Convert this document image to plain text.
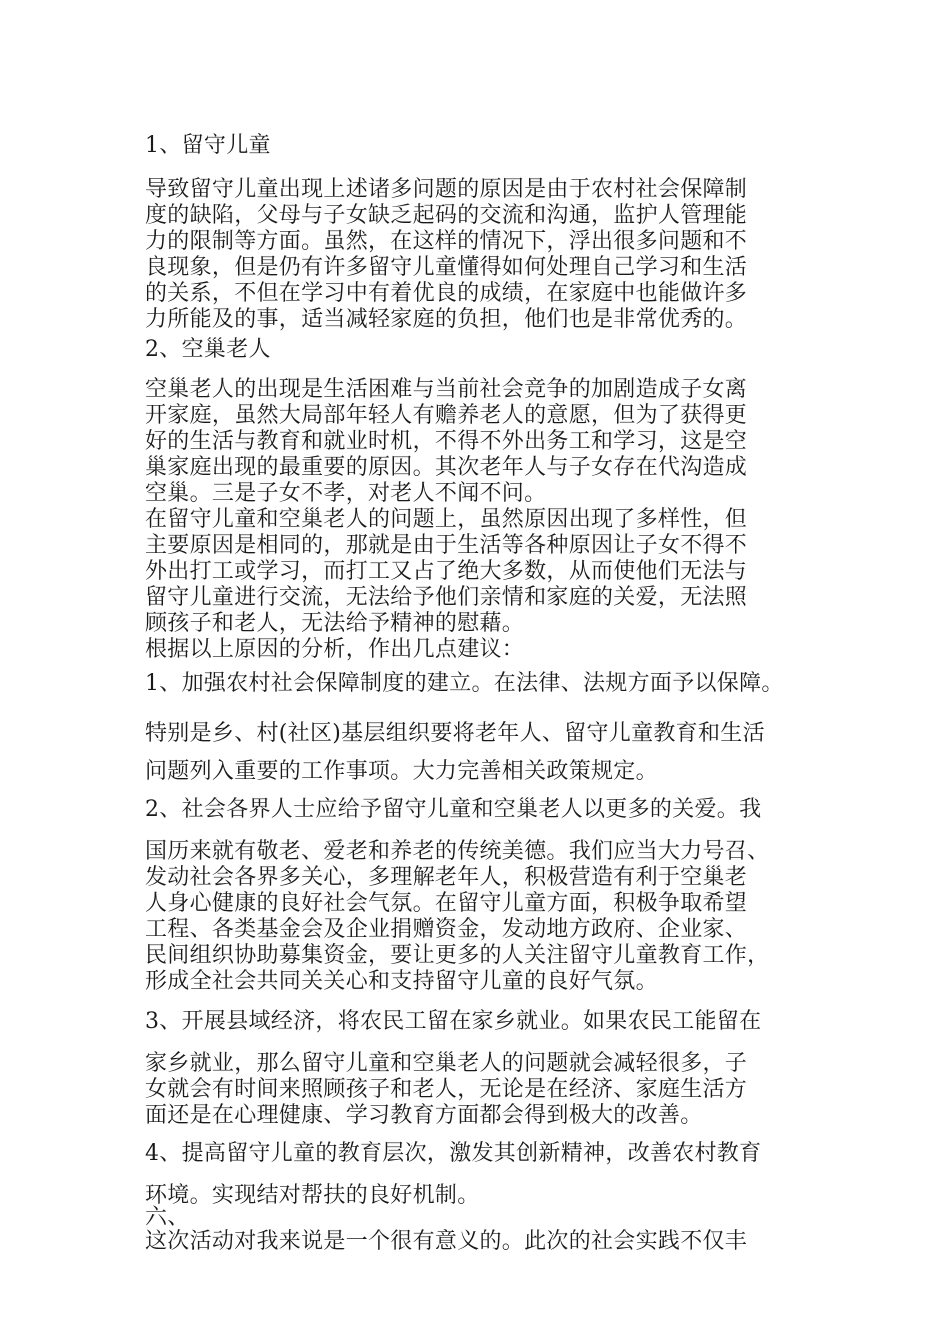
1、留守儿童
导致留守儿童出现上述诸多问题的原因是由于农村社会保障制
度的缺陷，父母与子女缺乏起码的交流和沟通，监护人管理能
力的限制等方面。虽然，在这样的情况下，浮出很多问题和不
良现象，但是仍有许多留守儿童懂得如何处理自己学习和生活
的关系，不但在学习中有着优良的成绩，在家庭中也能做许多
力所能及的事，适当减轻家庭的负担，他们也是非常优秀的。
2、空巢老人
空巢老人的出现是生活困难与当前社会竞争的加剧造成子女离
开家庭，虽然大局部年轻人有赡养老人的意愿，但为了获得更
好的生活与教育和就业时机，不得不外出务工和学习，这是空
巢家庭出现的最重要的原因。其次老年人与子女存在代沟造成
空巢。三是子女不孝，对老人不闻不问。
在留守儿童和空巢老人的问题上，虽然原因出现了多样性，但
主要原因是相同的，那就是由于生活等各种原因让子女不得不
外出打工或学习，而打工又占了绝大多数，从而使他们无法与
留守儿童进行交流，无法给予他们亲情和家庭的关爱，无法照
顾孩子和老人，无法给予精神的慰藉。
根据以上原因的分析，作出几点建议：
1、加强农村社会保障制度的建立。在法律、法规方面予以保障。
特别是乡、村(社区)基层组织要将老年人、留守儿童教育和生活
问题列入重要的工作事项。大力完善相关政策规定。
2、社会各界人士应给予留守儿童和空巢老人以更多的关爱。我
国历来就有敬老、爱老和养老的传统美德。我们应当大力号召、
发动社会各界多关心，多理解老年人，积极营造有利于空巢老
人身心健康的良好社会气氛。在留守儿童方面，积极争取希望
工程、各类基金会及企业捐赠资金，发动地方政府、企业家、
民间组织协助募集资金，要让更多的人关注留守儿童教育工作，
形成全社会共同关关心和支持留守儿童的良好气氛。
3、开展县域经济，将农民工留在家乡就业。如果农民工能留在
家乡就业，那么留守儿童和空巢老人的问题就会减轻很多，子
女就会有时间来照顾孩子和老人，无论是在经济、家庭生活方
面还是在心理健康、学习教育方面都会得到极大的改善。
4、提高留守儿童的教育层次，激发其创新精神，改善农村教育
环境。实现结对帮扶的良好机制。
六、
这次活动对我来说是一个很有意义的。此次的社会实践不仅丰
